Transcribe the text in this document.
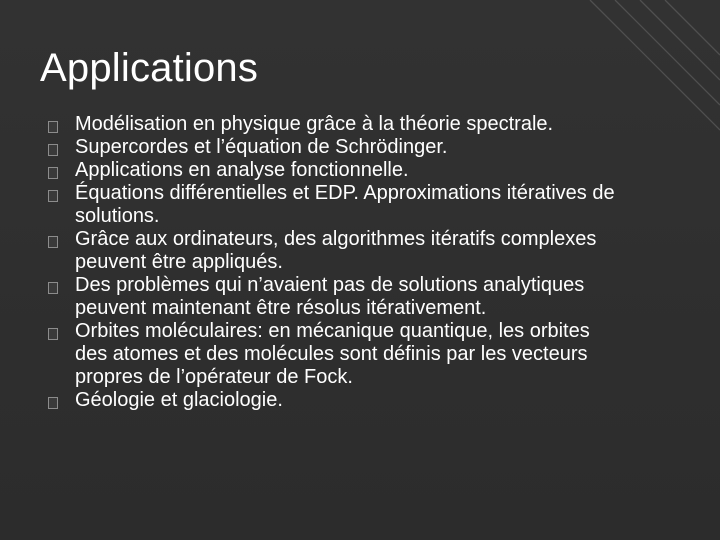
Applications
Modélisation en physique grâce à la théorie spectrale.
Supercordes et l’équation de Schrödinger.
Applications en analyse fonctionnelle.
Équations différentielles et EDP. Approximations itératives de solutions.
Grâce aux ordinateurs, des algorithmes itératifs complexes peuvent être appliqués.
Des problèmes qui n’avaient pas de solutions analytiques peuvent maintenant être résolus itérativement.
Orbites moléculaires: en mécanique quantique, les orbites des atomes et des molécules sont définis par les vecteurs propres de l’opérateur de Fock.
Géologie et glaciologie.
